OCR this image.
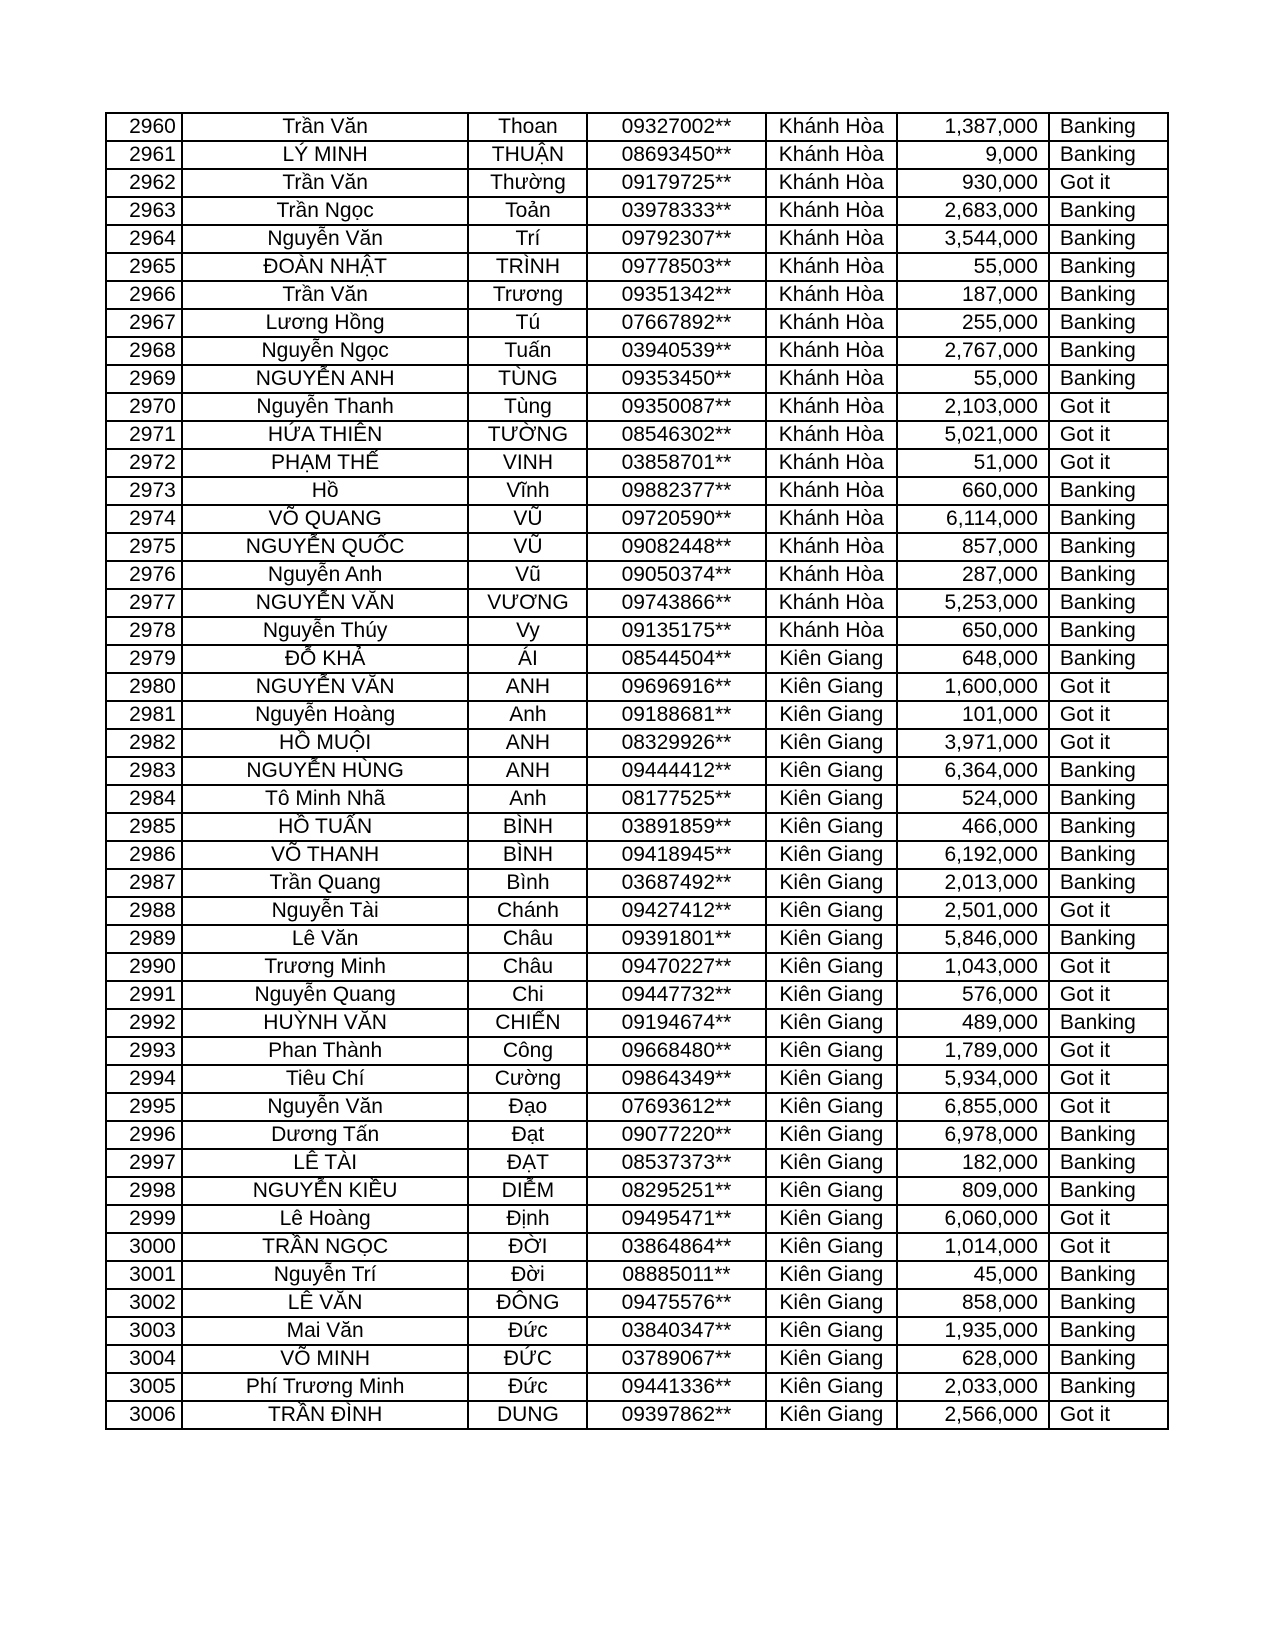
2960	Trần Văn	Thoan	09327002**	Khánh Hòa	1,387,000	Banking
2961	LÝ MINH	THUẬN	08693450**	Khánh Hòa	9,000	Banking
2962	Trần Văn	Thường	09179725**	Khánh Hòa	930,000	Got it
2963	Trần Ngọc	Toản	03978333**	Khánh Hòa	2,683,000	Banking
2964	Nguyễn Văn	Trí	09792307**	Khánh Hòa	3,544,000	Banking
2965	ĐOÀN NHẬT	TRÌNH	09778503**	Khánh Hòa	55,000	Banking
2966	Trần Văn	Trương	09351342**	Khánh Hòa	187,000	Banking
2967	Lương Hồng	Tú	07667892**	Khánh Hòa	255,000	Banking
2968	Nguyễn Ngọc	Tuấn	03940539**	Khánh Hòa	2,767,000	Banking
2969	NGUYỄN ANH	TÙNG	09353450**	Khánh Hòa	55,000	Banking
2970	Nguyễn Thanh	Tùng	09350087**	Khánh Hòa	2,103,000	Got it
2971	HỨA THIÊN	TƯỜNG	08546302**	Khánh Hòa	5,021,000	Got it
2972	PHẠM THẾ	VINH	03858701**	Khánh Hòa	51,000	Got it
2973	Hồ	Vĩnh	09882377**	Khánh Hòa	660,000	Banking
2974	VÕ QUANG	VŨ	09720590**	Khánh Hòa	6,114,000	Banking
2975	NGUYỄN QUỐC	VŨ	09082448**	Khánh Hòa	857,000	Banking
2976	Nguyễn Anh	Vũ	09050374**	Khánh Hòa	287,000	Banking
2977	NGUYỄN VĂN	VƯƠNG	09743866**	Khánh Hòa	5,253,000	Banking
2978	Nguyễn Thúy	Vy	09135175**	Khánh Hòa	650,000	Banking
2979	ĐỖ KHẢ	ÁI	08544504**	Kiên Giang	648,000	Banking
2980	NGUYỄN VĂN	ANH	09696916**	Kiên Giang	1,600,000	Got it
2981	Nguyễn Hoàng	Anh	09188681**	Kiên Giang	101,000	Got it
2982	HỒ MUỘI	ANH	08329926**	Kiên Giang	3,971,000	Got it
2983	NGUYỄN HÙNG	ANH	09444412**	Kiên Giang	6,364,000	Banking
2984	Tô Minh Nhã	Anh	08177525**	Kiên Giang	524,000	Banking
2985	HỒ TUẤN	BÌNH	03891859**	Kiên Giang	466,000	Banking
2986	VÕ THANH	BÌNH	09418945**	Kiên Giang	6,192,000	Banking
2987	Trần Quang	Bình	03687492**	Kiên Giang	2,013,000	Banking
2988	Nguyễn Tài	Chánh	09427412**	Kiên Giang	2,501,000	Got it
2989	Lê Văn	Châu	09391801**	Kiên Giang	5,846,000	Banking
2990	Trương Minh	Châu	09470227**	Kiên Giang	1,043,000	Got it
2991	Nguyễn Quang	Chi	09447732**	Kiên Giang	576,000	Got it
2992	HUỲNH VĂN	CHIẾN	09194674**	Kiên Giang	489,000	Banking
2993	Phan Thành	Công	09668480**	Kiên Giang	1,789,000	Got it
2994	Tiêu Chí	Cường	09864349**	Kiên Giang	5,934,000	Got it
2995	Nguyễn Văn	Đạo	07693612**	Kiên Giang	6,855,000	Got it
2996	Dương Tấn	Đạt	09077220**	Kiên Giang	6,978,000	Banking
2997	LÊ TÀI	ĐẠT	08537373**	Kiên Giang	182,000	Banking
2998	NGUYỄN KIỀU	DIỄM	08295251**	Kiên Giang	809,000	Banking
2999	Lê Hoàng	Định	09495471**	Kiên Giang	6,060,000	Got it
3000	TRẦN NGỌC	ĐỜI	03864864**	Kiên Giang	1,014,000	Got it
3001	Nguyễn Trí	Đời	08885011**	Kiên Giang	45,000	Banking
3002	LÊ VĂN	ĐÔNG	09475576**	Kiên Giang	858,000	Banking
3003	Mai Văn	Đức	03840347**	Kiên Giang	1,935,000	Banking
3004	VÕ MINH	ĐỨC	03789067**	Kiên Giang	628,000	Banking
3005	Phí Trương Minh	Đức	09441336**	Kiên Giang	2,033,000	Banking
3006	TRẦN ĐÌNH	DUNG	09397862**	Kiên Giang	2,566,000	Got it
